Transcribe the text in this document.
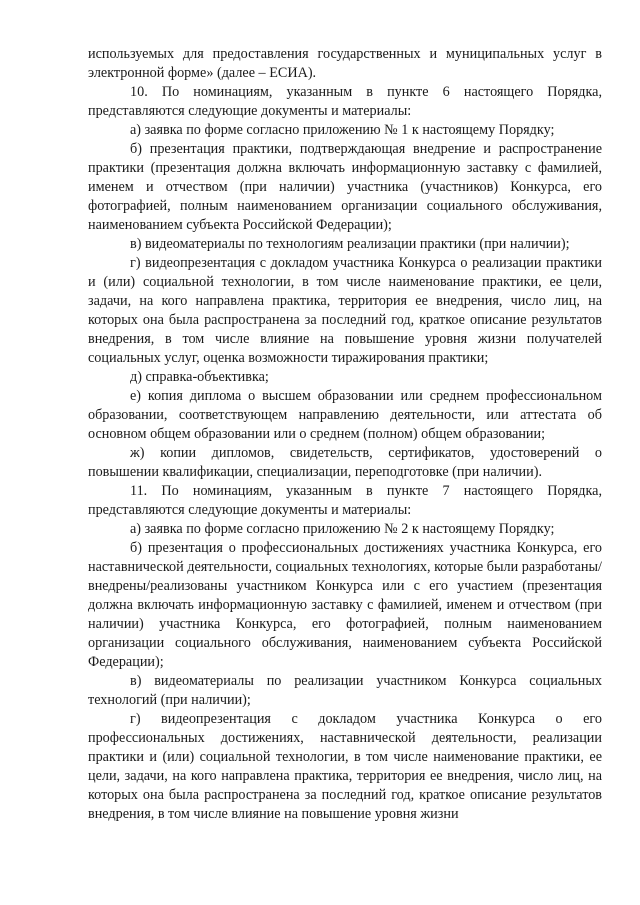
используемых для предоставления государственных и муниципальных услуг в электронной форме» (далее – ЕСИА).

10. По номинациям, указанным в пункте 6 настоящего Порядка, представляются следующие документы и материалы:

а) заявка по форме согласно приложению № 1 к настоящему Порядку;

б) презентация практики, подтверждающая внедрение и распространение практики (презентация должна включать информационную заставку с фамилией, именем и отчеством (при наличии) участника (участников) Конкурса, его фотографией, полным наименованием организации социального обслуживания, наименованием субъекта Российской Федерации);

в) видеоматериалы по технологиям реализации практики (при наличии);

г) видеопрезентация с докладом участника Конкурса о реализации практики и (или) социальной технологии, в том числе наименование практики, ее цели, задачи, на кого направлена практика, территория ее внедрения, число лиц, на которых она была распространена за последний год, краткое описание результатов внедрения, в том числе влияние на повышение уровня жизни получателей социальных услуг, оценка возможности тиражирования практики;

д) справка-объективка;

е) копия диплома о высшем образовании или среднем профессиональном образовании, соответствующем направлению деятельности, или аттестата об основном общем образовании или о среднем (полном) общем образовании;

ж) копии дипломов, свидетельств, сертификатов, удостоверений о повышении квалификации, специализации, переподготовке (при наличии).

11. По номинациям, указанным в пункте 7 настоящего Порядка, представляются следующие документы и материалы:

а) заявка по форме согласно приложению № 2 к настоящему Порядку;

б) презентация о профессиональных достижениях участника Конкурса, его наставнической деятельности, социальных технологиях, которые были разработаны/внедрены/реализованы участником Конкурса или с его участием (презентация должна включать информационную заставку с фамилией, именем и отчеством (при наличии) участника Конкурса, его фотографией, полным наименованием организации социального обслуживания, наименованием субъекта Российской Федерации);

в) видеоматериалы по реализации участником Конкурса социальных технологий (при наличии);

г) видеопрезентация с докладом участника Конкурса о его профессиональных достижениях, наставнической деятельности, реализации практики и (или) социальной технологии, в том числе наименование практики, ее цели, задачи, на кого направлена практика, территория ее внедрения, число лиц, на которых она была распространена за последний год, краткое описание результатов внедрения, в том числе влияние на повышение уровня жизни
